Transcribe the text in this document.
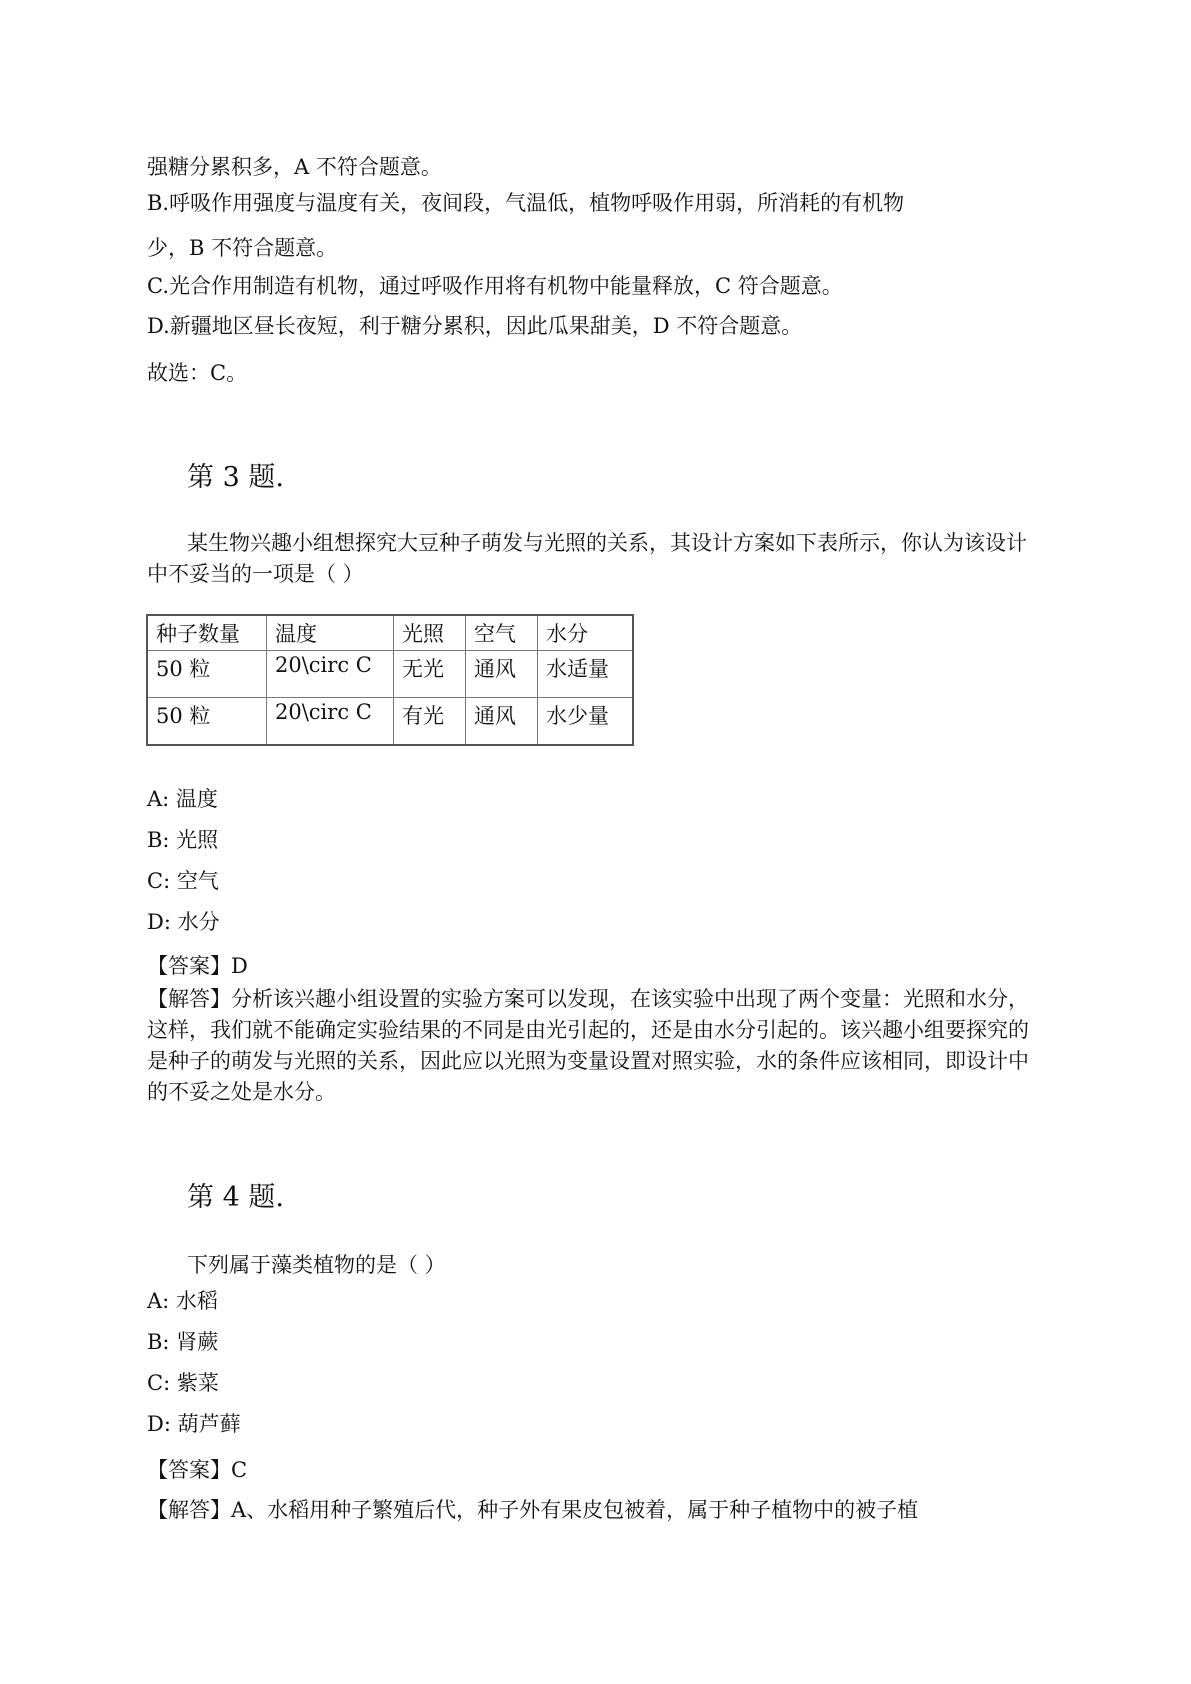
强糖分累积多，A 不符合题意。
B.呼吸作用强度与温度有关，夜间段，气温低，植物呼吸作用弱，所消耗的有机物
少，B 不符合题意。
C.光合作用制造有机物，通过呼吸作用将有机物中能量释放，C 符合题意。
D.新疆地区昼长夜短，利于糖分累积，因此瓜果甜美，D 不符合题意。
故选：C。
第 3 题.
某生物兴趣小组想探究大豆种子萌发与光照的关系，其设计方案如下表所示，你认为该设计中不妥当的一项是（ ）
种子数量	温度	光照	空气	水分
50 粒	20\circ C	无光	通风	水适量
50 粒	20\circ C	有光	通风	水少量
A: 温度
B: 光照
C: 空气
D: 水分
【答案】D
【解答】分析该兴趣小组设置的实验方案可以发现，在该实验中出现了两个变量：光照和水分，这样，我们就不能确定实验结果的不同是由光引起的，还是由水分引起的。该兴趣小组要探究的是种子的萌发与光照的关系，因此应以光照为变量设置对照实验，水的条件应该相同，即设计中的不妥之处是水分。
第 4 题.
下列属于藻类植物的是（ ）
A: 水稻
B: 肾蕨
C: 紫菜
D: 葫芦藓
【答案】C
【解答】A、水稻用种子繁殖后代，种子外有果皮包被着，属于种子植物中的被子植
